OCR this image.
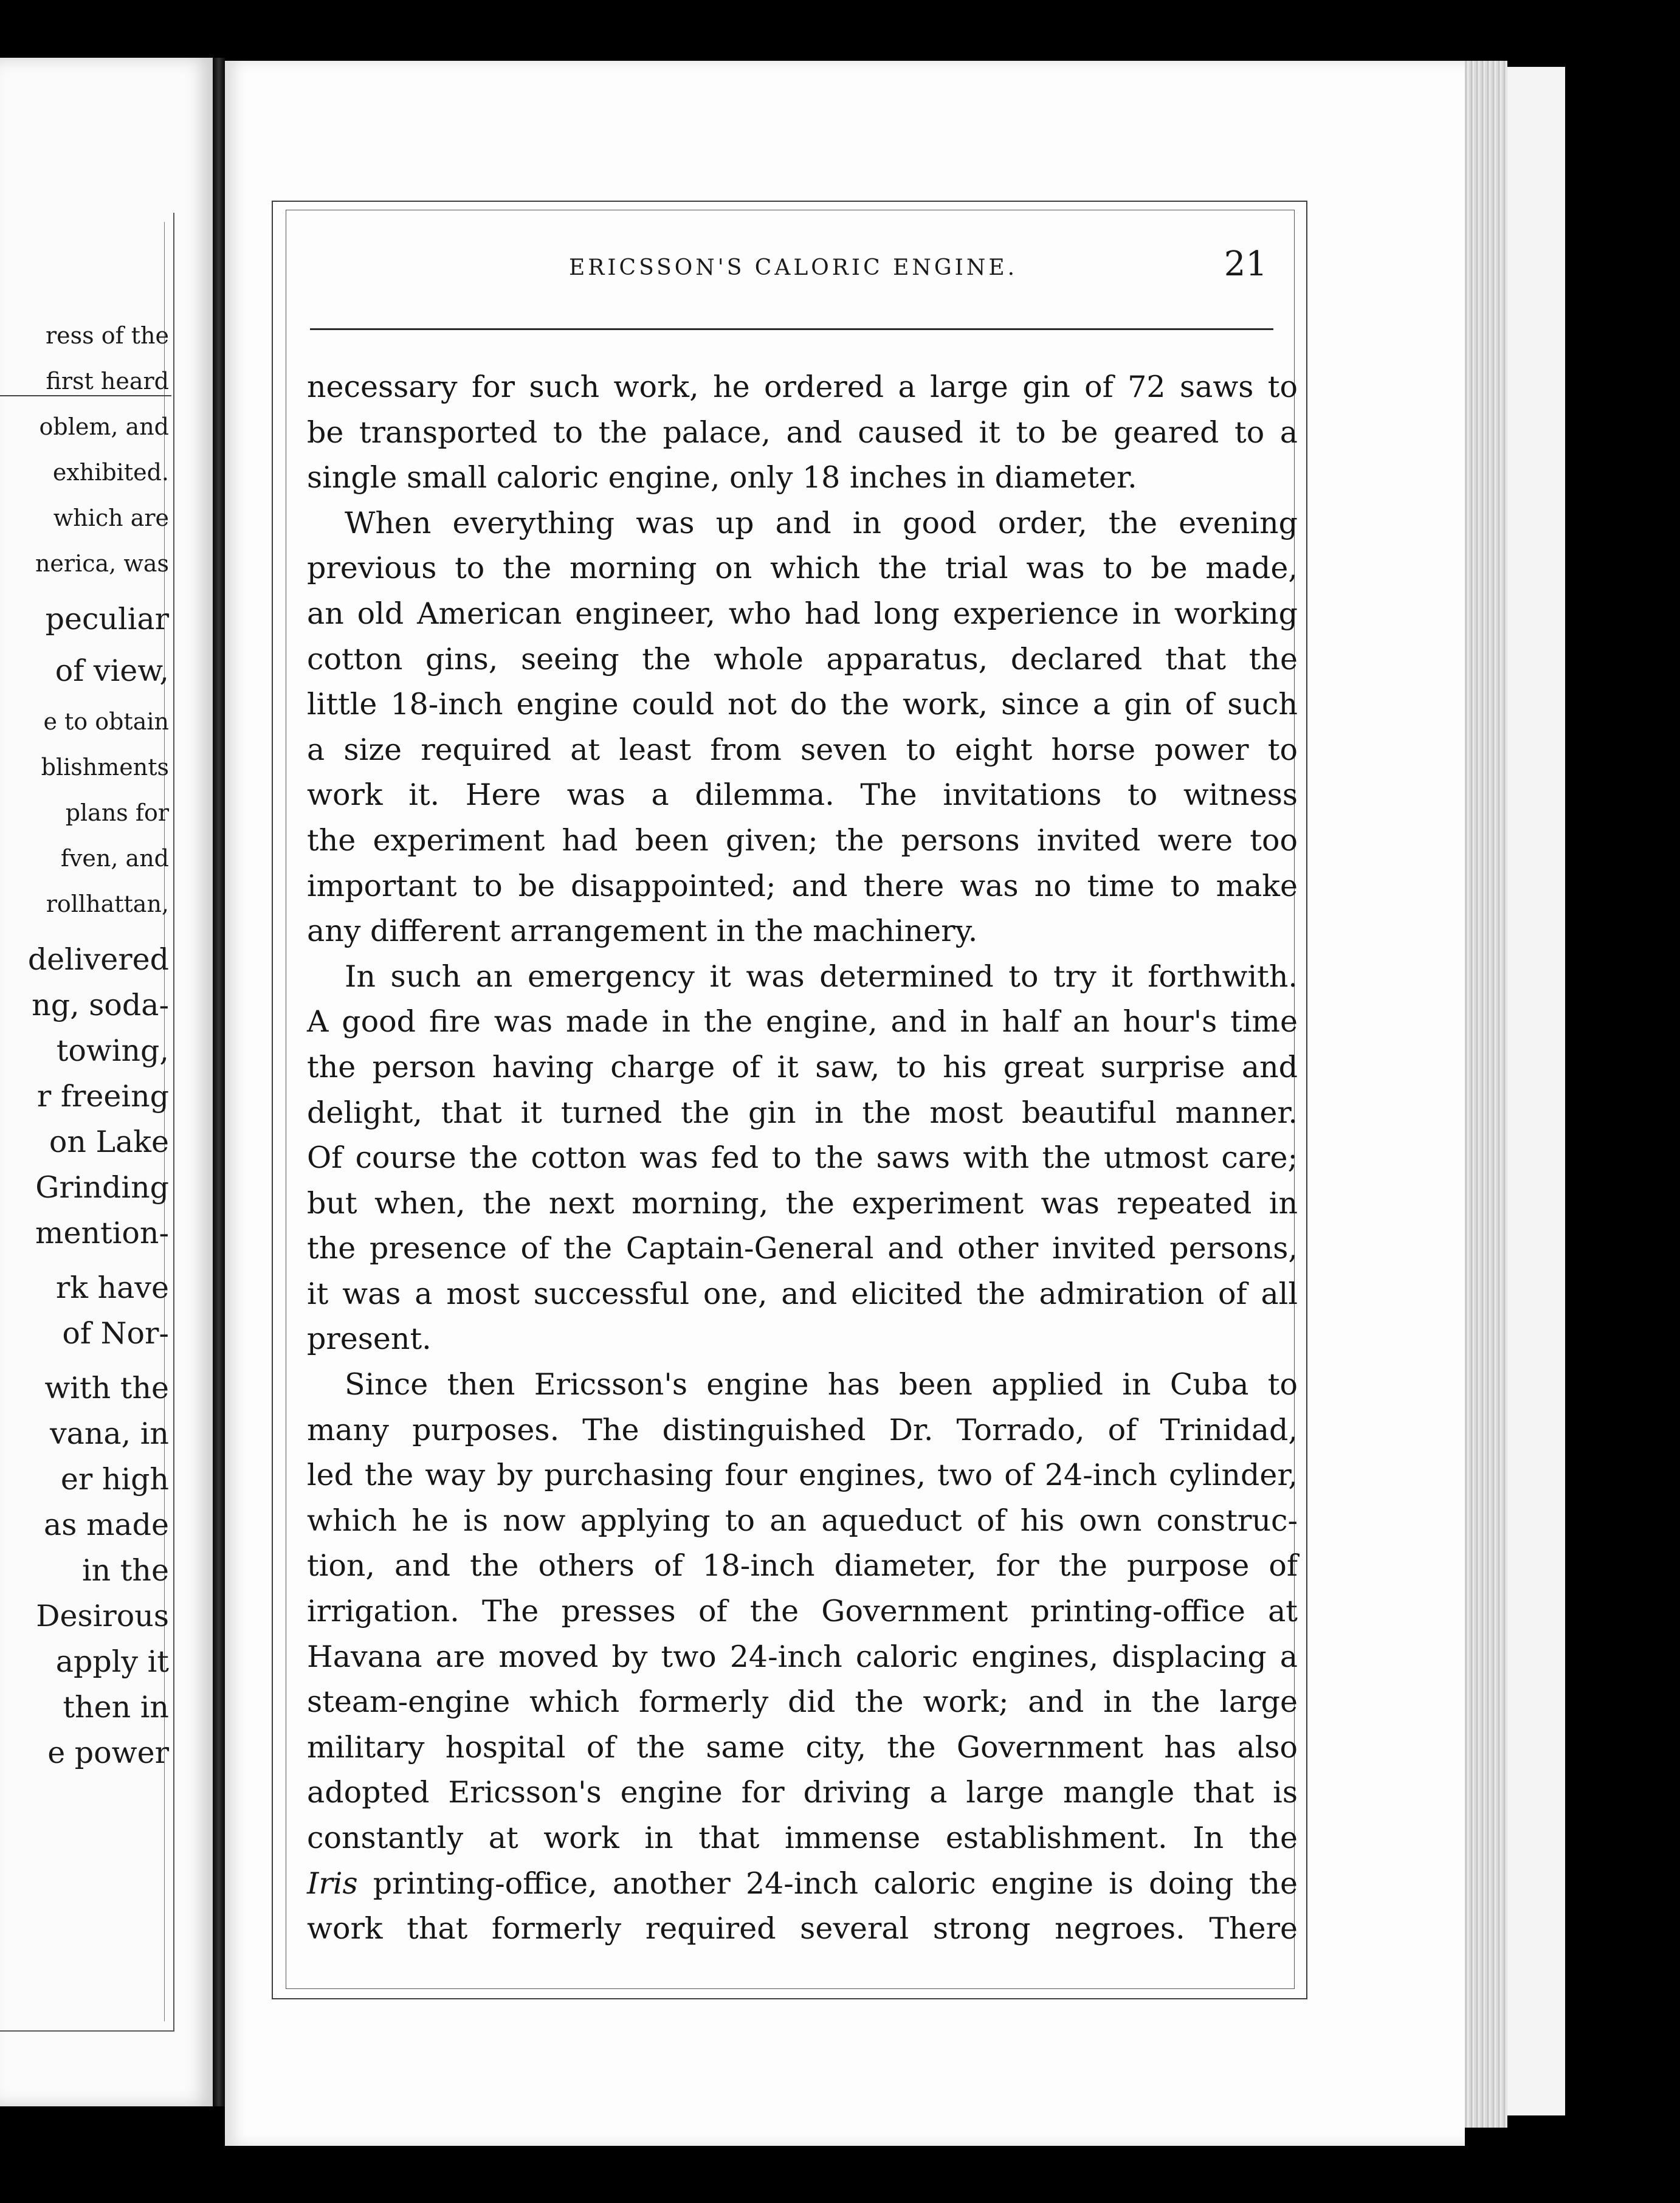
ress of the
first heard
oblem, and
exhibited.
which are
nerica, was
peculiar
of view,
e to obtain
blishments
plans for
fven, and
rollhattan,
delivered
ng, soda-
towing,
r freeing
on Lake
Grinding
mention-
rk have
of Nor-
with the
vana, in
er high
as made
in the
Desirous
apply it
then in
e power
ERICSSON'S CALORIC ENGINE.	21
necessary for such work, he ordered a large gin of 72 saws to
be transported to the palace, and caused it to be geared to a
single small caloric engine, only 18 inches in diameter.
When everything was up and in good order, the evening
previous to the morning on which the trial was to be made,
an old American engineer, who had long experience in working
cotton gins, seeing the whole apparatus, declared that the
little 18-inch engine could not do the work, since a gin of such
a size required at least from seven to eight horse power to
work it. Here was a dilemma. The invitations to witness
the experiment had been given; the persons invited were too
important to be disappointed; and there was no time to make
any different arrangement in the machinery.
In such an emergency it was determined to try it forthwith.
A good fire was made in the engine, and in half an hour's time
the person having charge of it saw, to his great surprise and
delight, that it turned the gin in the most beautiful manner.
Of course the cotton was fed to the saws with the utmost care;
but when, the next morning, the experiment was repeated in
the presence of the Captain-General and other invited persons,
it was a most successful one, and elicited the admiration of all
present.
Since then Ericsson's engine has been applied in Cuba to
many purposes. The distinguished Dr. Torrado, of Trinidad,
led the way by purchasing four engines, two of 24-inch cylinder,
which he is now applying to an aqueduct of his own construc-
tion, and the others of 18-inch diameter, for the purpose of
irrigation. The presses of the Government printing-office at
Havana are moved by two 24-inch caloric engines, displacing a
steam-engine which formerly did the work; and in the large
military hospital of the same city, the Government has also
adopted Ericsson's engine for driving a large mangle that is
constantly at work in that immense establishment. In the
Iris printing-office, another 24-inch caloric engine is doing the
work that formerly required several strong negroes. There
